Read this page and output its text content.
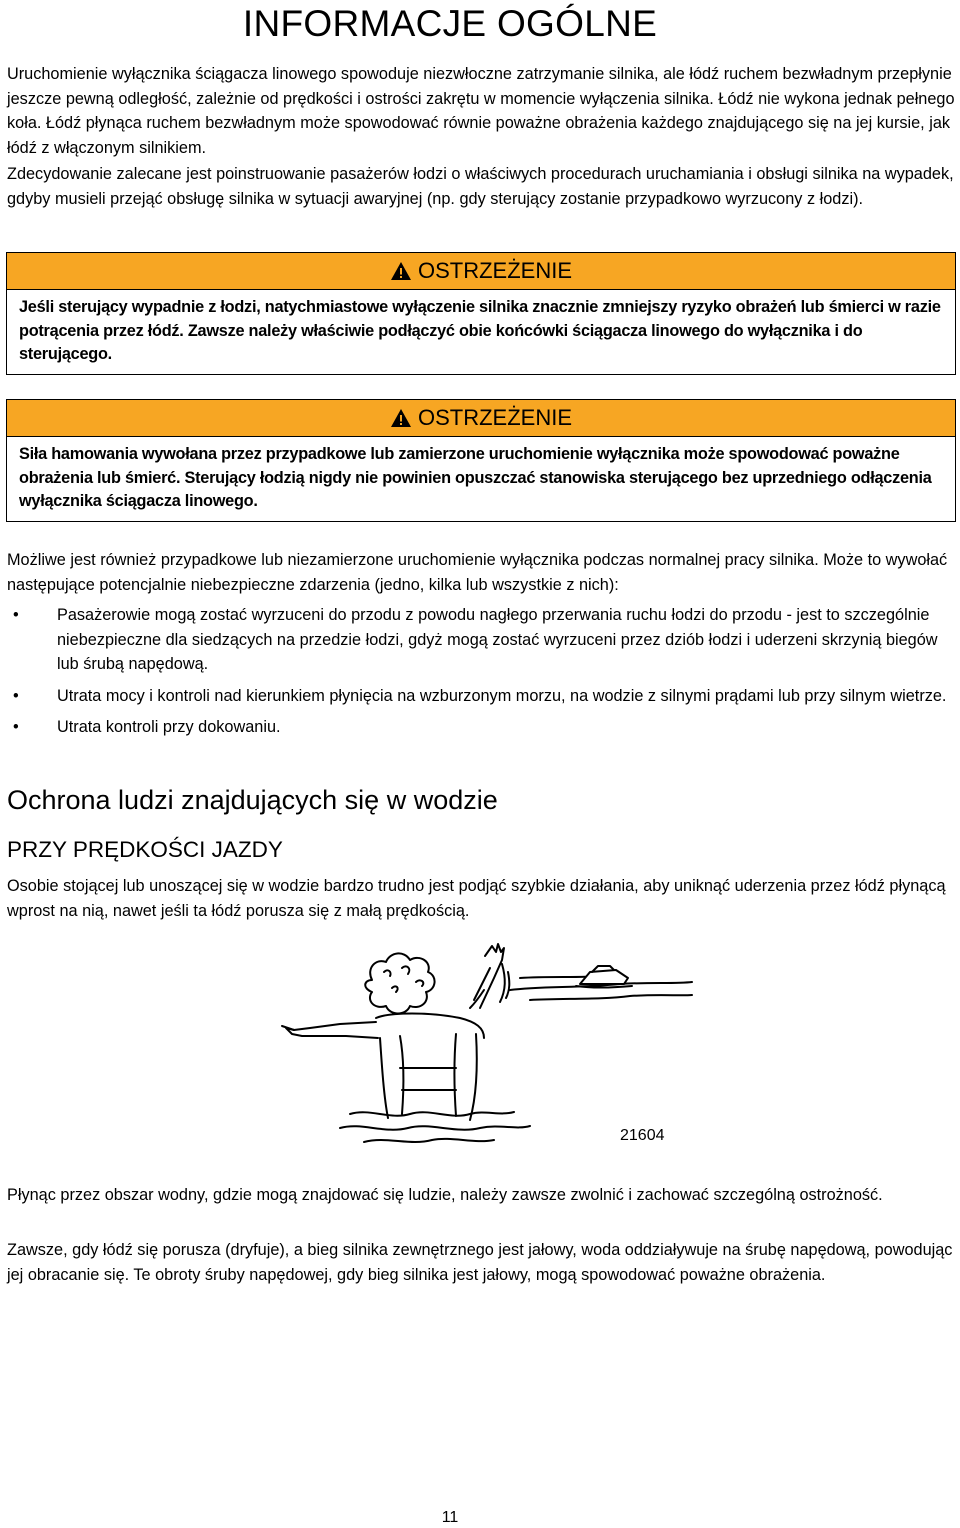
INFORMACJE OGÓLNE

Uruchomienie wyłącznika ściągacza linowego spowoduje niezwłoczne zatrzymanie silnika, ale łódź ruchem bezwładnym przepłynie jeszcze pewną odległość, zależnie od prędkości i ostrości zakrętu w momencie wyłączenia silnika. Łódź nie wykona jednak pełnego koła. Łódź płynąca ruchem bezwładnym może spowodować równie poważne obrażenia każdego znajdującego się na jej kursie, jak łódź z włączonym silnikiem.

Zdecydowanie zalecane jest poinstruowanie pasażerów łodzi o właściwych procedurach uruchamiania i obsługi silnika na wypadek, gdyby musieli przejąć obsługę silnika w sytuacji awaryjnej (np. gdy sterujący zostanie przypadkowo wyrzucony z łodzi).

OSTRZEŻENIE
Jeśli sterujący wypadnie z łodzi, natychmiastowe wyłączenie silnika znacznie zmniejszy ryzyko obrażeń lub śmierci w razie potrącenia przez łódź. Zawsze należy właściwie podłączyć obie końcówki ściągacza linowego do wyłącznika i do sterującego.
OSTRZEŻENIE
Siła hamowania wywołana przez przypadkowe lub zamierzone uruchomienie wyłącznika może spowodować poważne obrażenia lub śmierć. Sterujący łodzią nigdy nie powinien opuszczać stanowiska sterującego bez uprzedniego odłączenia wyłącznika ściągacza linowego.

Możliwe jest również przypadkowe lub niezamierzone uruchomienie wyłącznika podczas normalnej pracy silnika. Może to wywołać następujące potencjalnie niebezpieczne zdarzenia (jedno, kilka lub wszystkie z nich):

• Pasażerowie mogą zostać wyrzuceni do przodu z powodu nagłego przerwania ruchu łodzi do przodu - jest to szczególnie niebezpieczne dla siedzących na przedzie łodzi, gdyż mogą zostać wyrzuceni przez dziób łodzi i uderzeni skrzynią biegów lub śrubą napędową.
• Utrata mocy i kontroli nad kierunkiem płynięcia na wzburzonym morzu, na wodzie z silnymi prądami lub przy silnym wietrze.
• Utrata kontroli przy dokowaniu.
Ochrona ludzi znajdujących się w wodzie
PRZY PRĘDKOŚCI JAZDY

Osobie stojącej lub unoszącej się w wodzie bardzo trudno jest podjąć szybkie działania, aby uniknąć uderzenia przez łódź płynącą wprost na nią, nawet jeśli ta łódź porusza się z małą prędkością.

21604

Płynąc przez obszar wodny, gdzie mogą znajdować się ludzie, należy zawsze zwolnić i zachować szczególną ostrożność.

Zawsze, gdy łódź się porusza (dryfuje), a bieg silnika zewnętrznego jest jałowy, woda oddziaływuje na śrubę napędową, powodując jej obracanie się. Te obroty śruby napędowej, gdy bieg silnika jest jałowy, mogą spowodować poważne obrażenia.

11
